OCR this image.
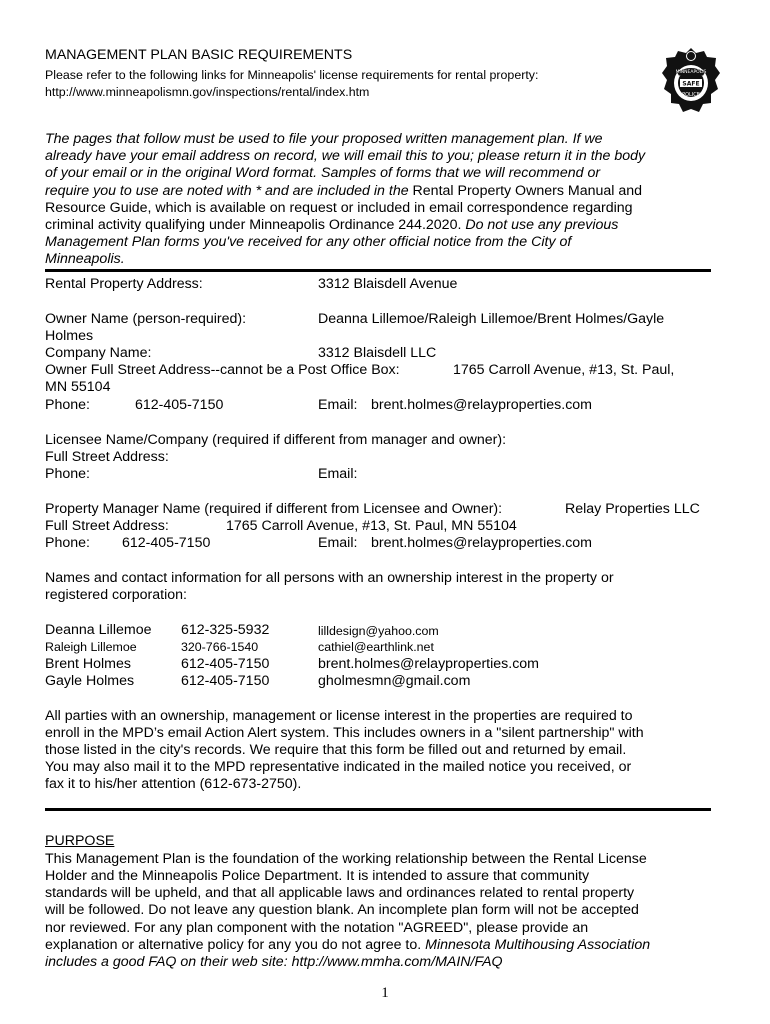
MANAGEMENT PLAN BASIC REQUIREMENTS
Please refer to the following links for Minneapolis' license requirements for rental property:
http://www.minneapolismn.gov/inspections/rental/index.htm
MINNEAPOLIS
SAFE
POLICE
The pages that follow must be used to file your proposed written management plan. If we
already have your email address on record, we will email this to you; please return it in the body
of your email or in the original Word format. Samples of forms that we will recommend or
require you to use are noted with * and are included in the Rental Property Owners Manual and
Resource Guide, which is available on request or included in email correspondence regarding
criminal activity qualifying under Minneapolis Ordinance 244.2020. Do not use any previous
Management Plan forms you've received for any other official notice from the City of
Minneapolis.
Rental Property Address:	3312 Blaisdell Avenue
Owner Name (person-required):	Deanna Lillemoe/Raleigh Lillemoe/Brent Holmes/Gayle
Holmes
Company Name:	3312 Blaisdell LLC
Owner Full Street Address--cannot be a Post Office Box:	1765 Carroll Avenue, #13, St. Paul,
MN 55104
Phone:	612-405-7150	Email: brent.holmes@relayproperties.com
Licensee Name/Company (required if different from manager and owner):
Full Street Address:
Phone:	Email:
Property Manager Name (required if different from Licensee and Owner):	Relay Properties LLC
Full Street Address:	1765 Carroll Avenue, #13, St. Paul, MN 55104
Phone: 612-405-7150	Email: brent.holmes@relayproperties.com
Names and contact information for all persons with an ownership interest in the property or
registered corporation:
Deanna Lillemoe 612-325-5932	lilldesign@yahoo.com
Raleigh Lillemoe	320-766-1540	cathiel@earthlink.net
Brent Holmes	612-405-7150	brent.holmes@relayproperties.com
Gayle Holmes	612-405-7150	gholmesmn@gmail.com
All parties with an ownership, management or license interest in the properties are required to
enroll in the MPD’s email Action Alert system. This includes owners in a "silent partnership" with
those listed in the city's records. We require that this form be filled out and returned by email.
You may also mail it to the MPD representative indicated in the mailed notice you received, or
fax it to his/her attention (612-673-2750).
PURPOSE
This Management Plan is the foundation of the working relationship between the Rental License
Holder and the Minneapolis Police Department. It is intended to assure that community
standards will be upheld, and that all applicable laws and ordinances related to rental property
will be followed. Do not leave any question blank. An incomplete plan form will not be accepted
nor reviewed. For any plan component with the notation "AGREED", please provide an
explanation or alternative policy for any you do not agree to. Minnesota Multihousing Association
includes a good FAQ on their web site: http://www.mmha.com/MAIN/FAQ
1
